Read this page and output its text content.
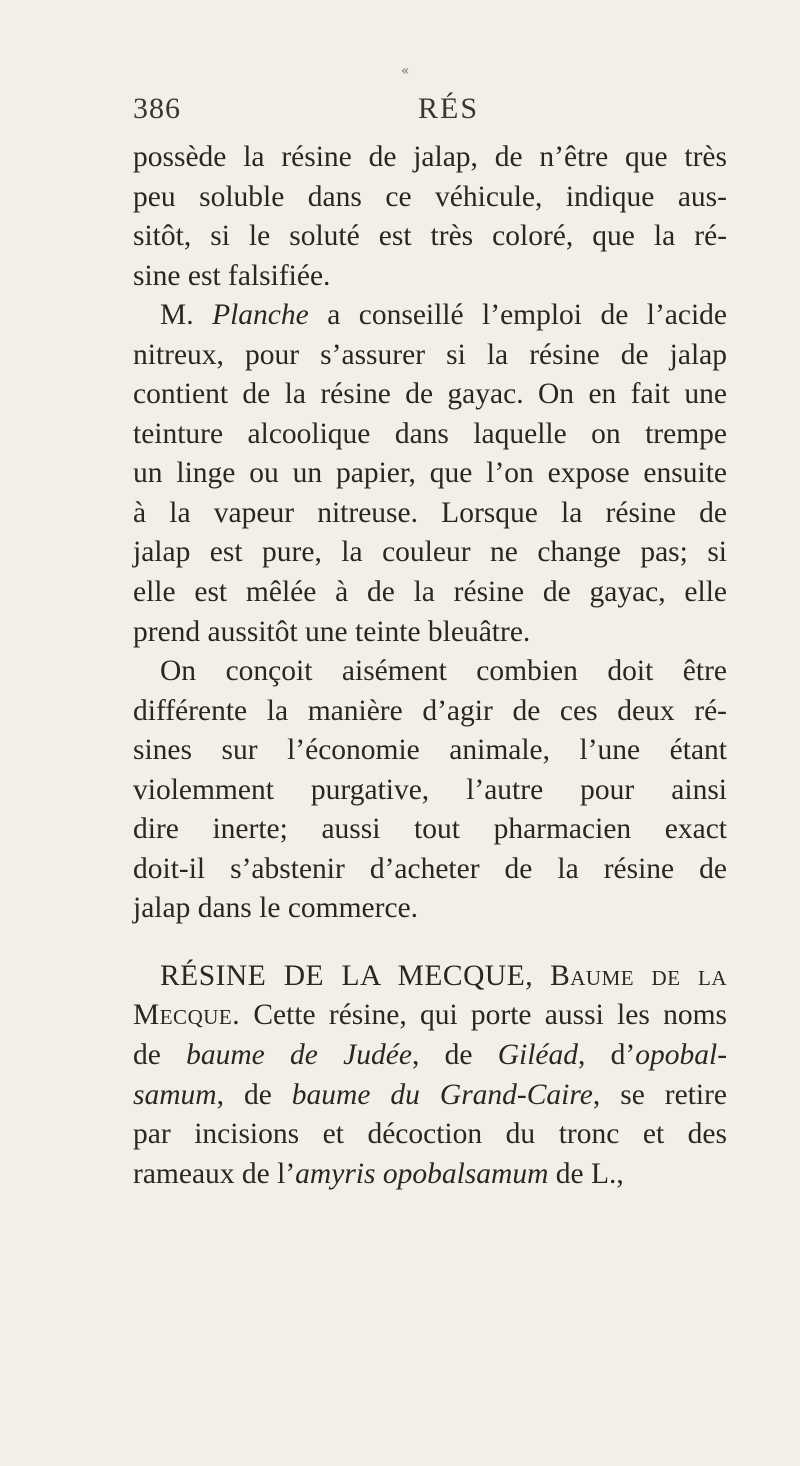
«
386	RÉS
possède la résine de jalap, de n’être que très
peu soluble dans ce véhicule, indique aus-
sitôt, si le soluté est très coloré, que la ré-
sine est falsifiée.
M. Planche a conseillé l’emploi de l’acide
nitreux, pour s’assurer si la résine de jalap
contient de la résine de gayac. On en fait une
teinture alcoolique dans laquelle on trempe
un linge ou un papier, que l’on expose ensuite
à la vapeur nitreuse. Lorsque la résine de
jalap est pure, la couleur ne change pas; si
elle est mêlée à de la résine de gayac, elle
prend aussitôt une teinte bleuâtre.
On conçoit aisément combien doit être
différente la manière d’agir de ces deux ré-
sines sur l’économie animale, l’une étant
violemment purgative, l’autre pour ainsi
dire inerte; aussi tout pharmacien exact
doit-il s’abstenir d’acheter de la résine de
jalap dans le commerce.
RÉSINE DE LA MECQUE, Baume de la
Mecque. Cette résine, qui porte aussi les noms
de baume de Judée, de Giléad, d’opobal-
samum, de baume du Grand-Caire, se retire
par incisions et décoction du tronc et des
rameaux de l’amyris opobalsamum de L.,
